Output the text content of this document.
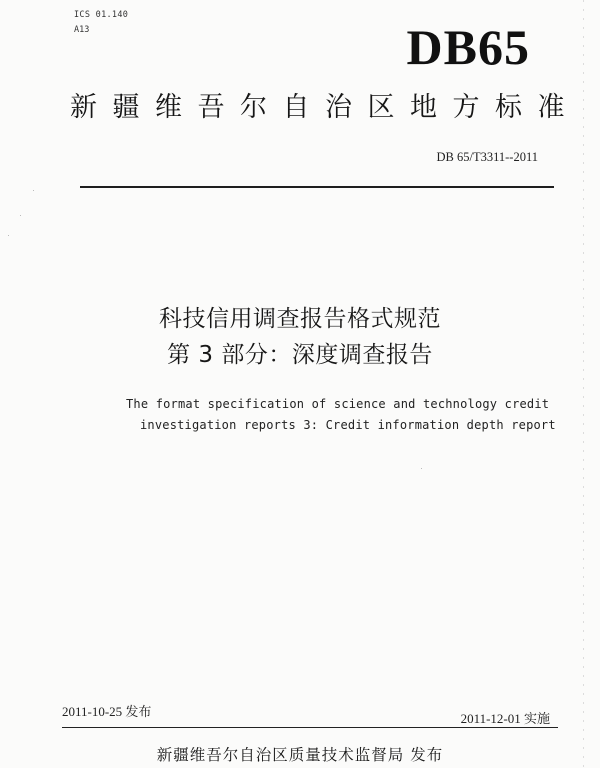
ICS 01.140
A13	DB65
新疆维吾尔自治区地方标准
DB 65/T3311--2011
科技信用调查报告格式规范
第 3 部分：深度调查报告
The format specification of science and technology credit
investigation reports 3: Credit information depth report
2011-10-25 发布	2011-12-01 实施
新疆维吾尔自治区质量技术监督局 发布
